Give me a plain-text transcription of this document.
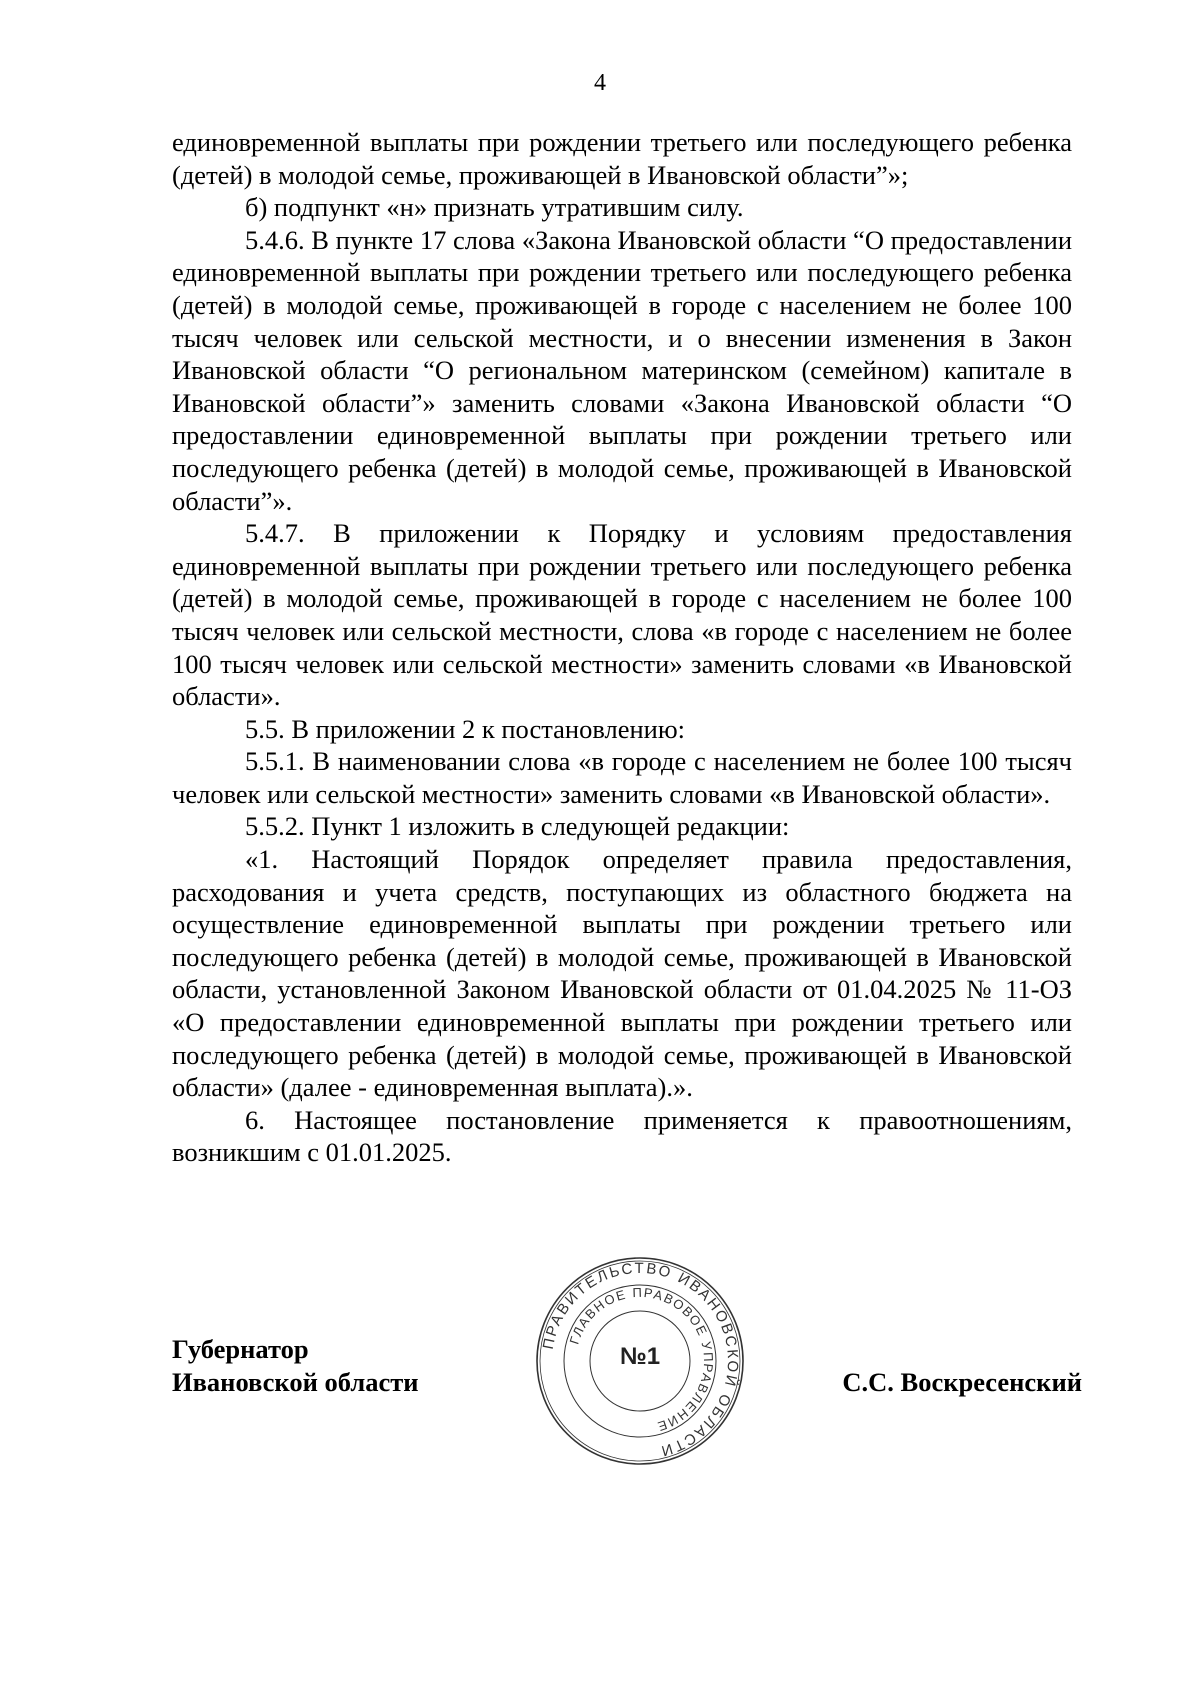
4

единовременной выплаты при рождении третьего или последующего ребенка (детей) в молодой семье, проживающей в Ивановской области”»;

б) подпункт «н» признать утратившим силу.

5.4.6. В пункте 17 слова «Закона Ивановской области “О предоставлении единовременной выплаты при рождении третьего или последующего ребенка (детей) в молодой семье, проживающей в городе с населением не более 100 тысяч человек или сельской местности, и о внесении изменения в Закон Ивановской области “О региональном материнском (семейном) капитале в Ивановской области”» заменить словами «Закона Ивановской области “О предоставлении единовременной выплаты при рождении третьего или последующего ребенка (детей) в молодой семье, проживающей в Ивановской области”».

5.4.7. В приложении к Порядку и условиям предоставления единовременной выплаты при рождении третьего или последующего ребенка (детей) в молодой семье, проживающей в городе с населением не более 100 тысяч человек или сельской местности, слова «в городе с населением не более 100 тысяч человек или сельской местности» заменить словами «в Ивановской области».

5.5. В приложении 2 к постановлению:

5.5.1. В наименовании слова «в городе с населением не более 100 тысяч человек или сельской местности» заменить словами «в Ивановской области».

5.5.2. Пункт 1 изложить в следующей редакции:

«1. Настоящий Порядок определяет правила предоставления, расходования и учета средств, поступающих из областного бюджета на осуществление единовременной выплаты при рождении третьего или последующего ребенка (детей) в молодой семье, проживающей в Ивановской области, установленной Законом Ивановской области от 01.04.2025 № 11-ОЗ «О предоставлении единовременной выплаты при рождении третьего или последующего ребенка (детей) в молодой семье, проживающей в Ивановской области» (далее - единовременная выплата).».

6. Настоящее постановление применяется к правоотношениям, возникшим с 01.01.2025.

Губернатор
Ивановской области
ПРАВИТЕЛЬСТВО ИВАНОВСКОЙ ОБЛАСТИ
ГЛАВНОЕ ПРАВОВОЕ УПРАВЛЕНИЕ
№1
С.С. Воскресенский
